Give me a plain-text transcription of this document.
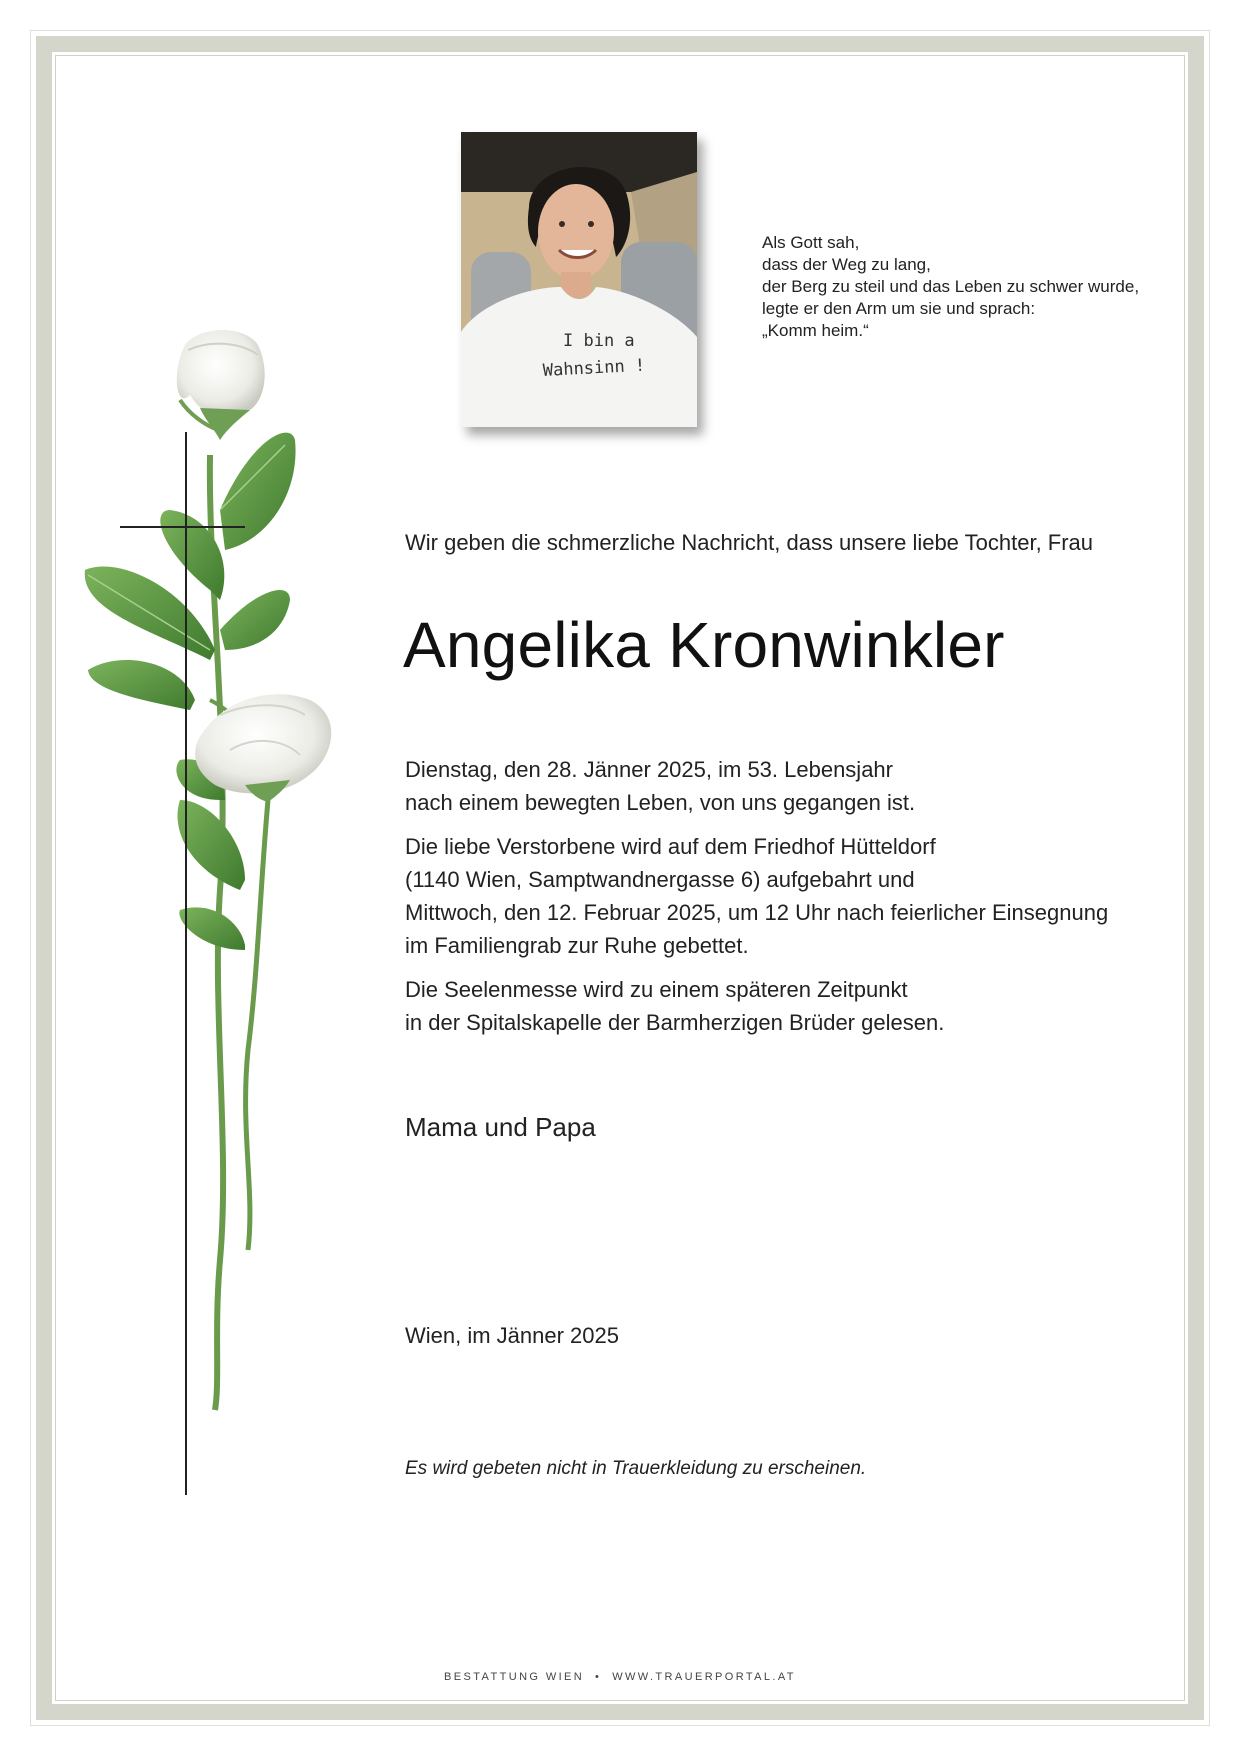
I bin a
Wahnsinn !
Als Gott sah,
dass der Weg zu lang,
der Berg zu steil und das Leben zu schwer wurde,
legte er den Arm um sie und sprach:
„Komm heim.“
Wir geben die schmerzliche Nachricht, dass unsere liebe Tochter, Frau
Angelika Kronwinkler

Dienstag, den 28. Jänner 2025, im 53. Lebensjahr
nach einem bewegten Leben, von uns gegangen ist.

Die liebe Verstorbene wird auf dem Friedhof Hütteldorf
(1140 Wien, Samptwandnergasse 6) aufgebahrt und
Mittwoch, den 12. Februar 2025, um 12 Uhr nach feierlicher Einsegnung
im Familiengrab zur Ruhe gebettet.

Die Seelenmesse wird zu einem späteren Zeitpunkt
in der Spitalskapelle der Barmherzigen Brüder gelesen.

Mama und Papa
Wien, im Jänner 2025
Es wird gebeten nicht in Trauerkleidung zu erscheinen.
BESTATTUNG WIEN  •  WWW.TRAUERPORTAL.AT
